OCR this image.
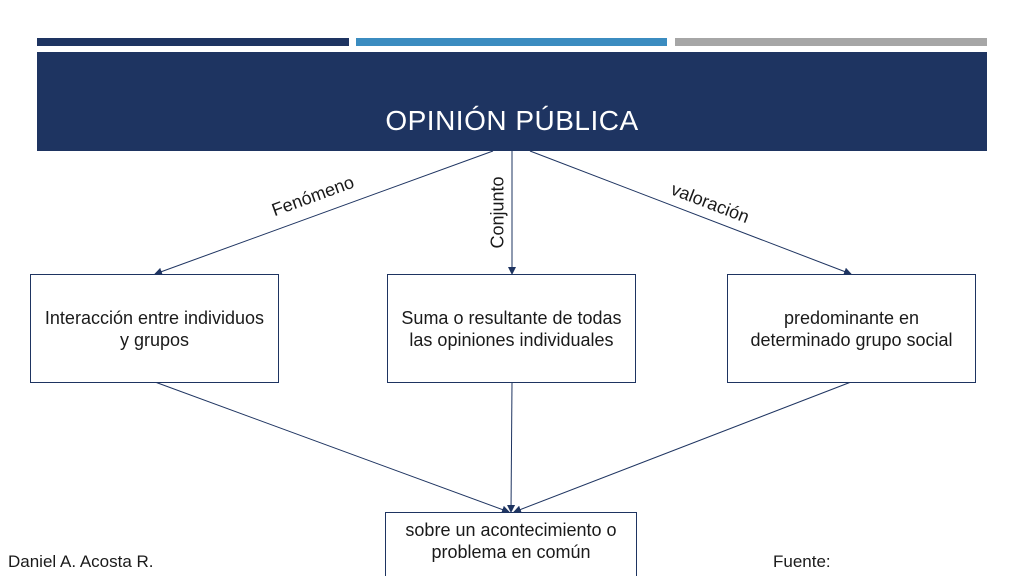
OPINIÓN PÚBLICA
Fenómeno	Conjunto	valoración
Interacción entre individuos y grupos
Suma o resultante de todas las opiniones individuales
predominante en determinado grupo social
sobre un acontecimiento o problema en común
Daniel A. Acosta R.	Fuente:
